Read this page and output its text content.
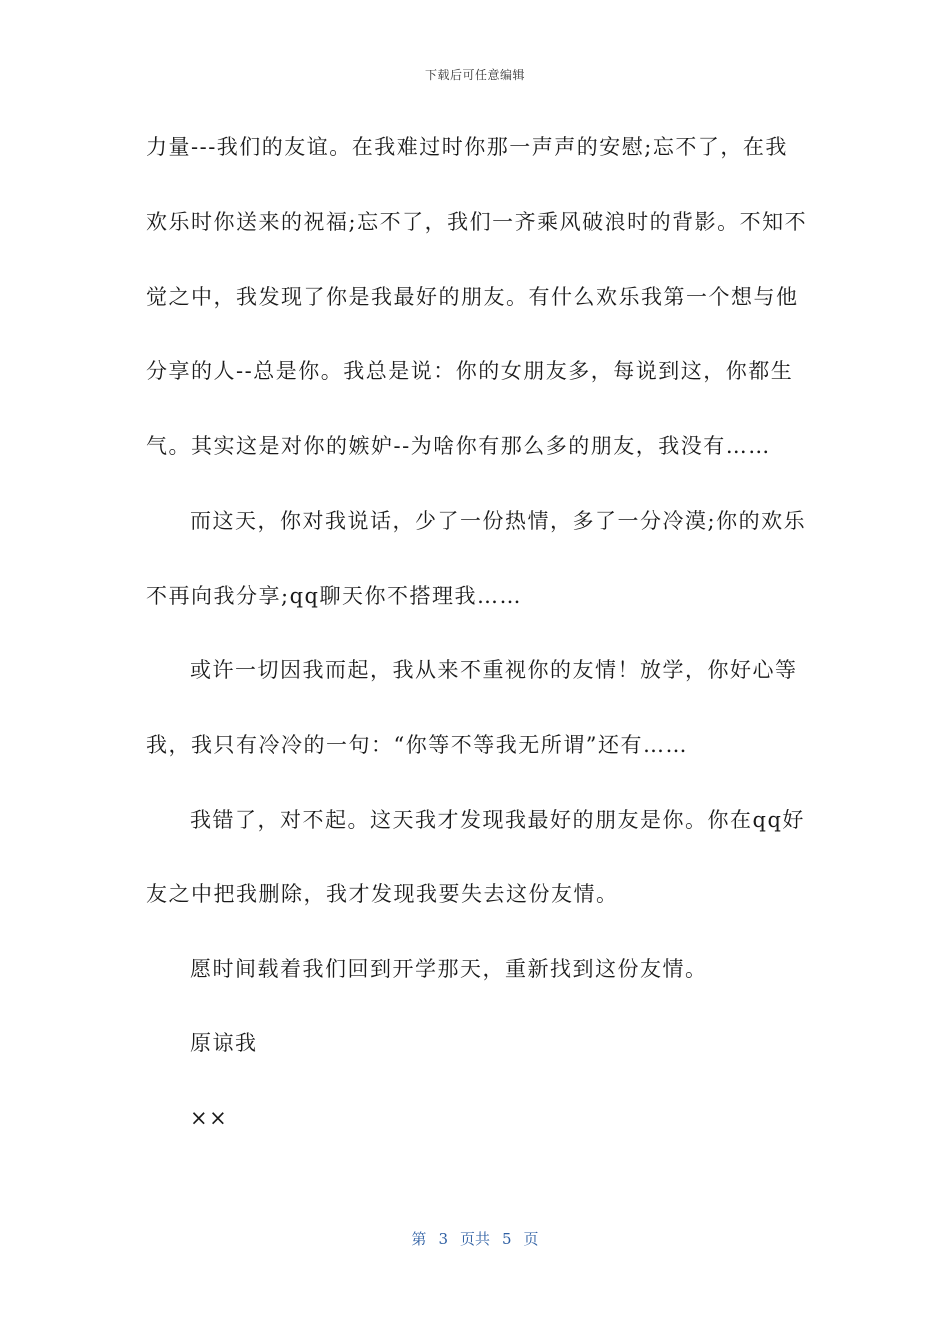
下载后可任意编辑
力量---我们的友谊。在我难过时你那一声声的安慰;忘不了，在我
欢乐时你送来的祝福;忘不了，我们一齐乘风破浪时的背影。不知不
觉之中，我发现了你是我最好的朋友。有什么欢乐我第一个想与他
分享的人--总是你。我总是说：你的女朋友多，每说到这，你都生
气。其实这是对你的嫉妒--为啥你有那么多的朋友，我没有……
而这天，你对我说话，少了一份热情，多了一分冷漠;你的欢乐
不再向我分享;qq聊天你不搭理我……
或许一切因我而起，我从来不重视你的友情！放学，你好心等
我，我只有冷冷的一句：“你等不等我无所谓”还有……
我错了，对不起。这天我才发现我最好的朋友是你。你在qq好
友之中把我删除，我才发现我要失去这份友情。
愿时间载着我们回到开学那天，重新找到这份友情。
原谅我
××
第 3 页共 5 页
